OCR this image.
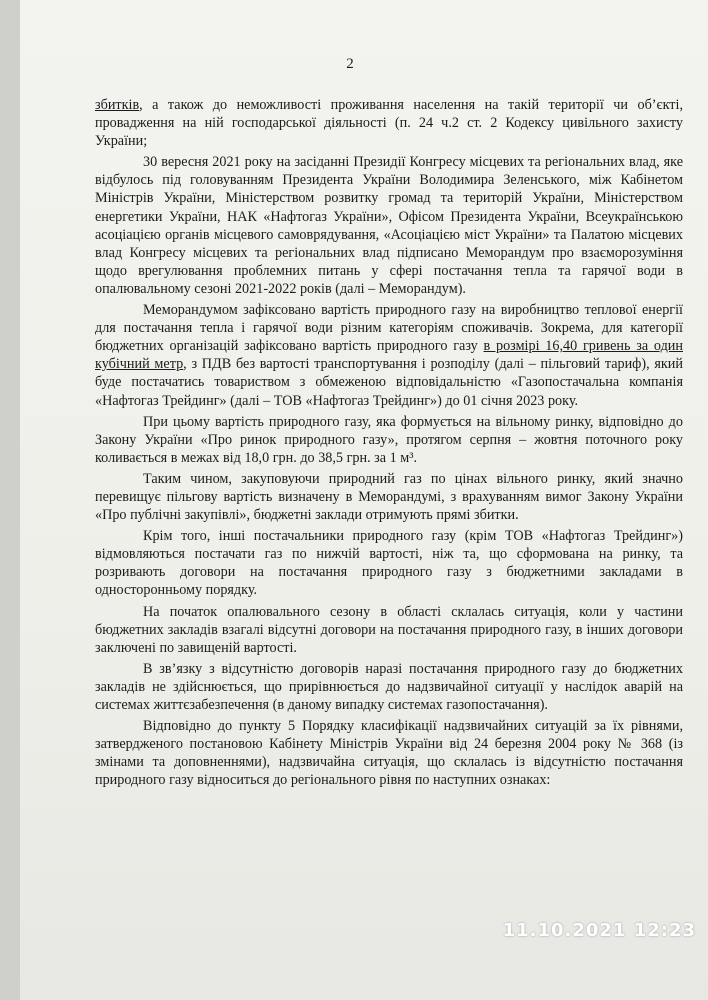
2

збитків, а також до неможливості проживання населення на такій території чи об’єкті, провадження на ній господарської діяльності (п. 24 ч.2 ст. 2 Кодексу цивільного захисту України;

30 вересня 2021 року на засіданні Президії Конгресу місцевих та регіональних влад, яке відбулось під головуванням Президента України Володимира Зеленського, між Кабінетом Міністрів України, Міністерством розвитку громад та територій України, Міністерством енергетики України, НАК «Нафтогаз України», Офісом Президента України, Всеукраїнською асоціацією органів місцевого самоврядування, «Асоціацією міст України» та Палатою місцевих влад Конгресу місцевих та регіональних влад підписано Меморандум про взаєморозуміння щодо врегулювання проблемних питань у сфері постачання тепла та гарячої води в опалювальному сезоні 2021-2022 років (далі – Меморандум).

Меморандумом зафіксовано вартість природного газу на виробництво теплової енергії для постачання тепла і гарячої води різним категоріям споживачів. Зокрема, для категорії бюджетних організацій зафіксовано вартість природного газу в розмірі 16,40 гривень за один кубічний метр, з ПДВ без вартості транспортування і розподілу (далі – пільговий тариф), який буде постачатись товариством з обмеженою відповідальністю «Газопостачальна компанія «Нафтогаз Трейдинг» (далі – ТОВ «Нафтогаз Трейдинг») до 01 січня 2023 року.

При цьому вартість природного газу, яка формується на вільному ринку, відповідно до Закону України «Про ринок природного газу», протягом серпня – жовтня поточного року коливається в межах від 18,0 грн. до 38,5 грн. за 1 м³.

Таким чином, закуповуючи природний газ по цінах вільного ринку, який значно перевищує пільгову вартість визначену в Меморандумі, з врахуванням вимог Закону України «Про публічні закупівлі», бюджетні заклади отримують прямі збитки.

Крім того, інші постачальники природного газу (крім ТОВ «Нафтогаз Трейдинг») відмовляються постачати газ по нижчій вартості, ніж та, що сформована на ринку, та розривають договори на постачання природного газу з бюджетними закладами в односторонньому порядку.

На початок опалювального сезону в області склалась ситуація, коли у частини бюджетних закладів взагалі відсутні договори на постачання природного газу, в інших договори заключені по завищеній вартості.

В зв’язку з відсутністю договорів наразі постачання природного газу до бюджетних закладів не здійснюється, що прирівнюється до надзвичайної ситуації у наслідок аварій на системах життєзабезпечення (в даному випадку системах газопостачання).

Відповідно до пункту 5 Порядку класифікації надзвичайних ситуацій за їх рівнями, затвердженого постановою Кабінету Міністрів України від 24 березня 2004 року № 368 (із змінами та доповненнями), надзвичайна ситуація, що склалась із відсутністю постачання природного газу відноситься до регіонального рівня по наступних ознаках:

11.10.2021 12:23
